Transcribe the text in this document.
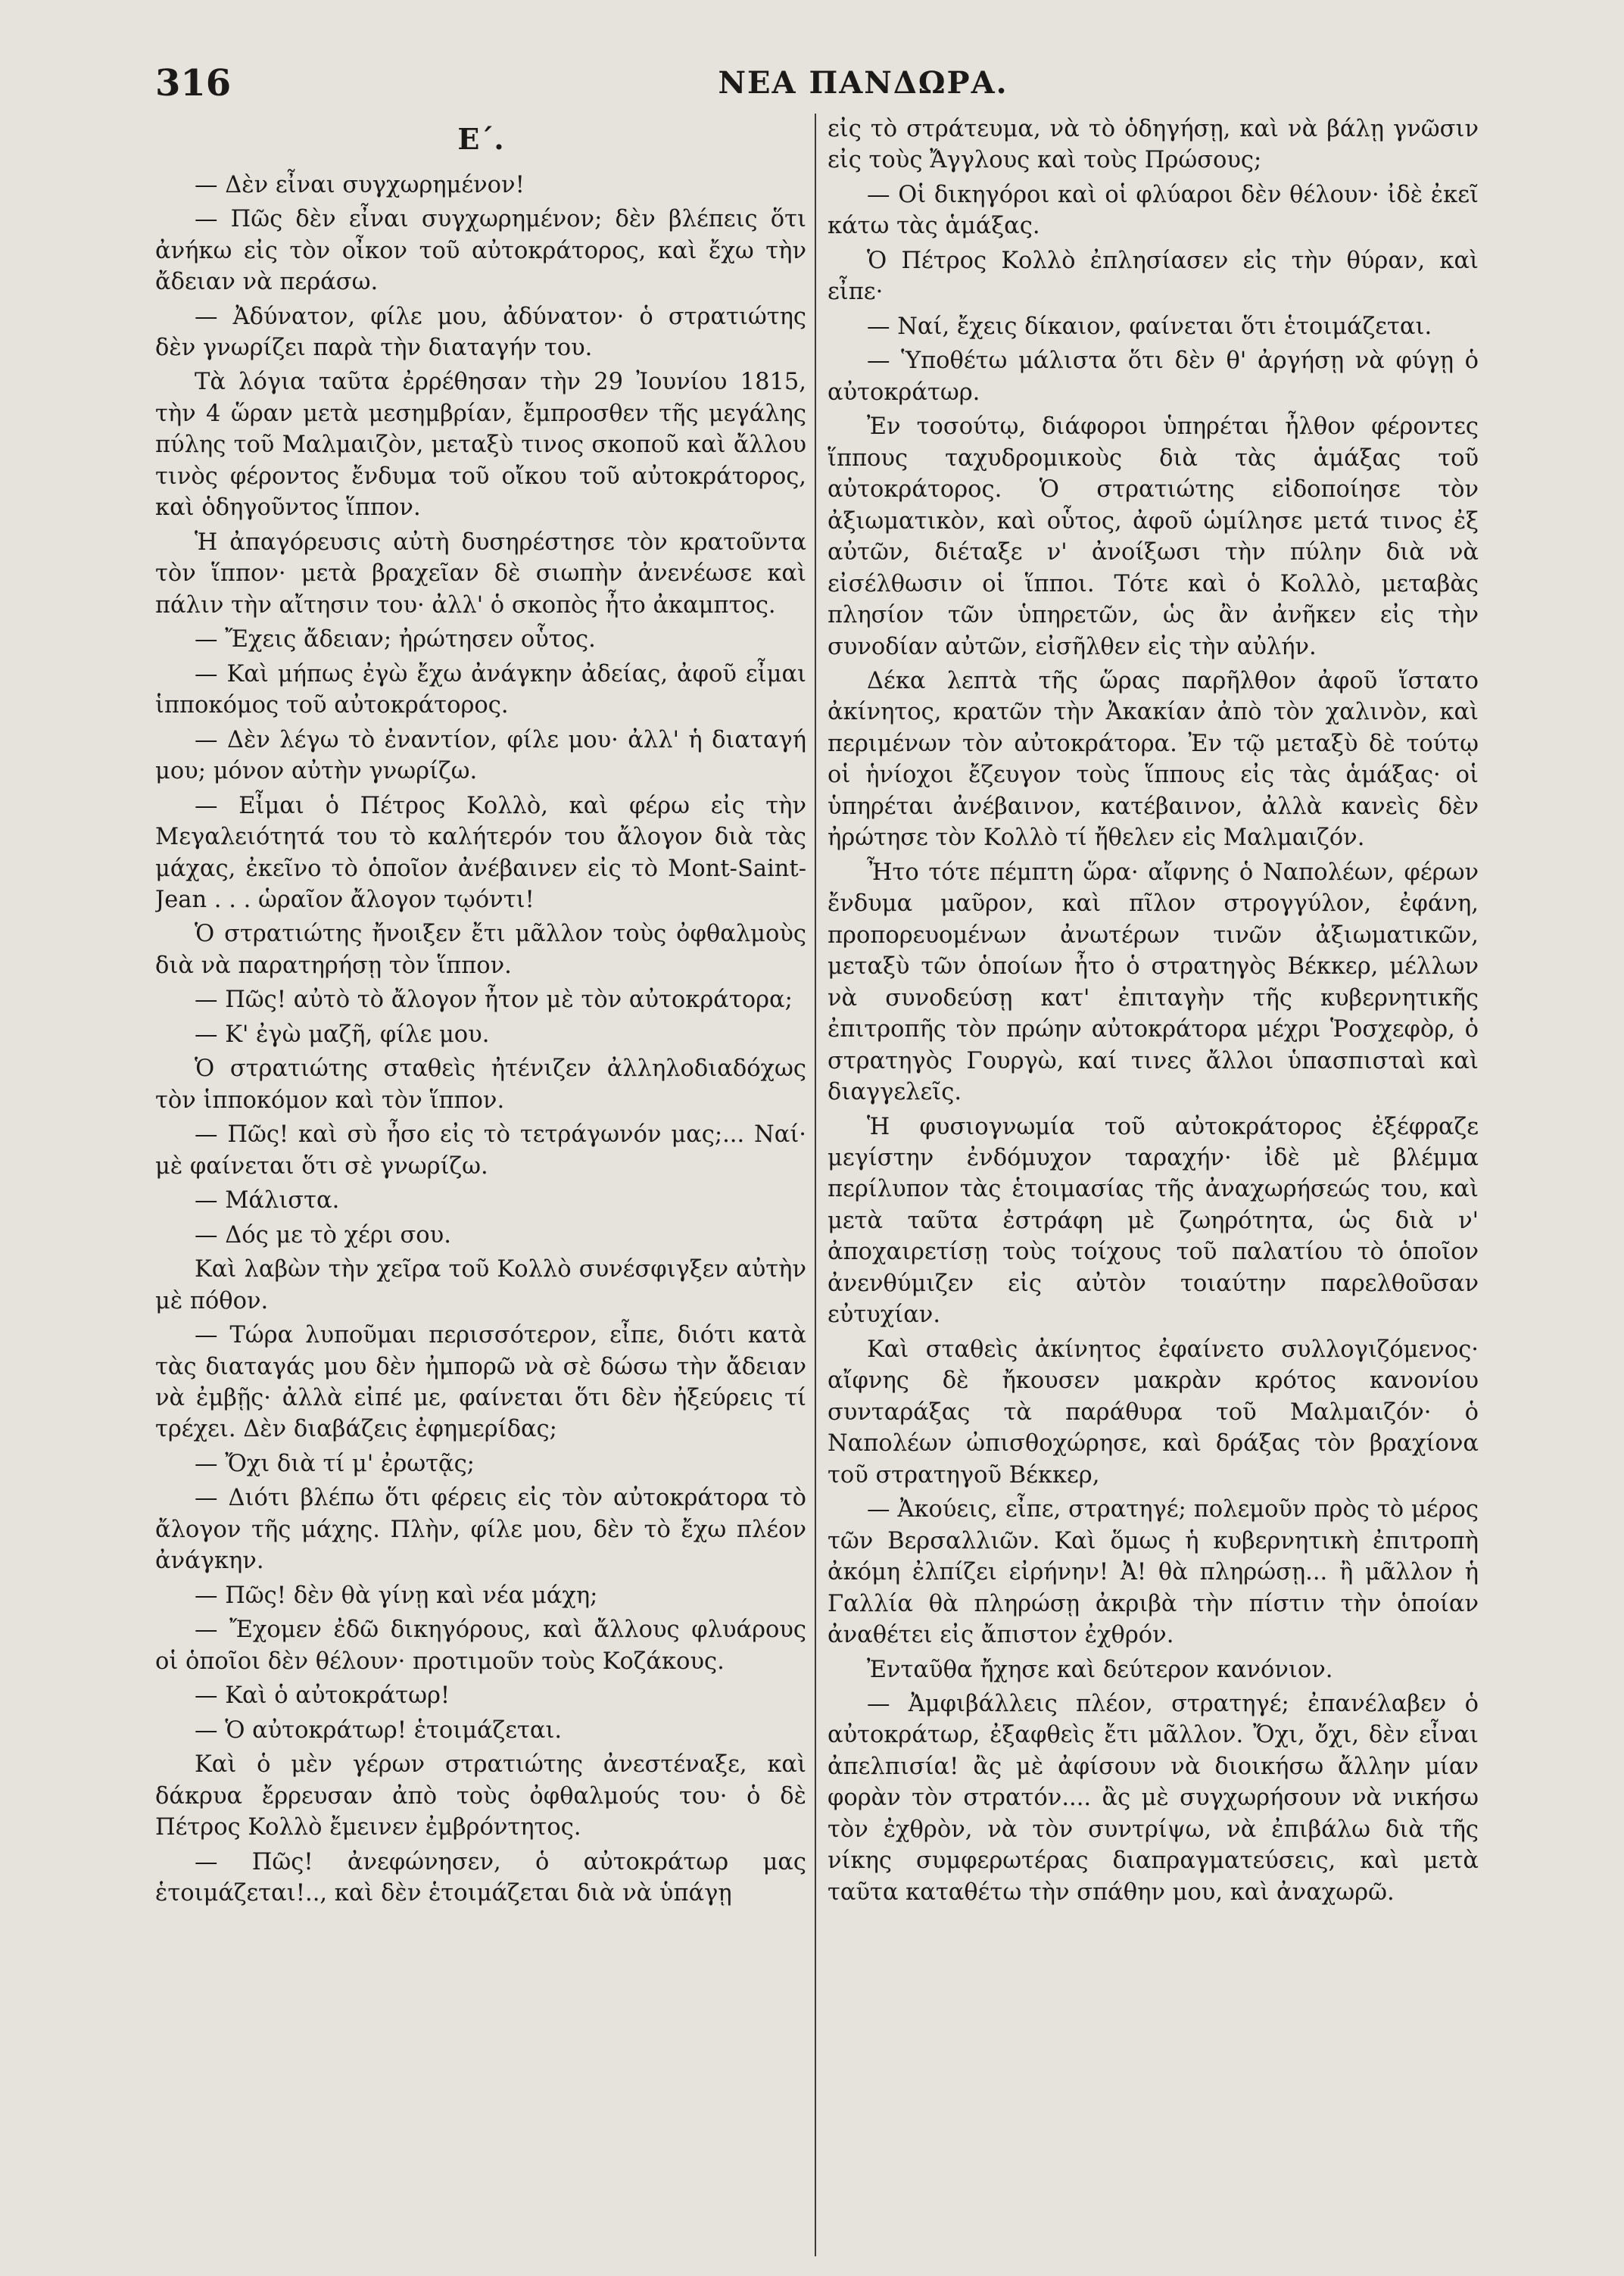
316	ΝΕΑ ΠΑΝΔΩΡΑ.
Ε΄.

— Δὲν εἶναι συγχωρημένον!

— Πῶς δὲν εἶναι συγχωρημένον; δὲν βλέπεις ὅτι ἀνήκω εἰς τὸν οἶκον τοῦ αὐτοκράτορος, καὶ ἔχω τὴν ἄδειαν νὰ περάσω.

— Ἀδύνατον, φίλε μου, ἀδύνατον· ὁ στρατιώτης δὲν γνωρίζει παρὰ τὴν διαταγήν του.

Τὰ λόγια ταῦτα ἐρρέθησαν τὴν 29 Ἰουνίου 1815, τὴν 4 ὥραν μετὰ μεσημβρίαν, ἔμπροσθεν τῆς μεγάλης πύλης τοῦ Μαλμαιζὸν, μεταξὺ τινος σκοποῦ καὶ ἄλλου τινὸς φέροντος ἔνδυμα τοῦ οἴκου τοῦ αὐτοκράτορος, καὶ ὁδηγοῦντος ἵππον.

Ἡ ἀπαγόρευσις αὐτὴ δυσηρέστησε τὸν κρατοῦντα τὸν ἵππον· μετὰ βραχεῖαν δὲ σιωπὴν ἀνενέωσε καὶ πάλιν τὴν αἴτησιν του· ἀλλ' ὁ σκοπὸς ἦτο ἀκαμπτος.

— Ἔχεις ἄδειαν; ἠρώτησεν οὗτος.

— Καὶ μήπως ἐγὼ ἔχω ἀνάγκην ἀδείας, ἀφοῦ εἶμαι ἱπποκόμος τοῦ αὐτοκράτορος.

— Δὲν λέγω τὸ ἐναντίον, φίλε μου· ἀλλ' ἡ διαταγή μου; μόνον αὐτὴν γνωρίζω.

— Εἶμαι ὁ Πέτρος Κολλὸ, καὶ φέρω εἰς τὴν Μεγαλειότητά του τὸ καλήτερόν του ἄλογον διὰ τὰς μάχας, ἐκεῖνο τὸ ὁποῖον ἀνέβαινεν εἰς τὸ Mont-Saint-Jean . . . ὡραῖον ἄλογον τῳόντι!

Ὁ στρατιώτης ἤνοιξεν ἔτι μᾶλλον τοὺς ὀφθαλμοὺς διὰ νὰ παρατηρήσῃ τὸν ἵππον.

— Πῶς! αὐτὸ τὸ ἄλογον ἦτον μὲ τὸν αὐτοκράτορα;

— Κ' ἐγὼ μαζῆ, φίλε μου.

Ὁ στρατιώτης σταθεὶς ἠτένιζεν ἀλληλοδιαδόχως τὸν ἱπποκόμον καὶ τὸν ἵππον.

— Πῶς! καὶ σὺ ἦσο εἰς τὸ τετράγωνόν μας;... Ναί· μὲ φαίνεται ὅτι σὲ γνωρίζω.

— Μάλιστα.

— Δός με τὸ χέρι σου.

Καὶ λαβὼν τὴν χεῖρα τοῦ Κολλὸ συνέσφιγξεν αὐτὴν μὲ πόθον.

— Τώρα λυποῦμαι περισσότερον, εἶπε, διότι κατὰ τὰς διαταγάς μου δὲν ἠμπορῶ νὰ σὲ δώσω τὴν ἄδειαν νὰ ἐμβῇς· ἀλλὰ εἰπέ με, φαίνεται ὅτι δὲν ἠξεύρεις τί τρέχει. Δὲν διαβάζεις ἐφημερίδας;

— Ὄχι διὰ τί μ' ἐρωτᾷς;

— Διότι βλέπω ὅτι φέρεις εἰς τὸν αὐτοκράτορα τὸ ἄλογον τῆς μάχης. Πλὴν, φίλε μου, δὲν τὸ ἔχω πλέον ἀνάγκην.

— Πῶς! δὲν θὰ γίνῃ καὶ νέα μάχη;

— Ἔχομεν ἐδῶ δικηγόρους, καὶ ἄλλους φλυάρους οἱ ὁποῖοι δὲν θέλουν· προτιμοῦν τοὺς Κοζάκους.

— Καὶ ὁ αὐτοκράτωρ!

— Ὁ αὐτοκράτωρ! ἑτοιμάζεται.

Καὶ ὁ μὲν γέρων στρατιώτης ἀνεστέναξε, καὶ δάκρυα ἔρρευσαν ἀπὸ τοὺς ὀφθαλμούς του· ὁ δὲ Πέτρος Κολλὸ ἔμεινεν ἐμβρόντητος.

— Πῶς! ἀνεφώνησεν, ὁ αὐτοκράτωρ μας ἑτοιμάζεται!.., καὶ δὲν ἑτοιμάζεται διὰ νὰ ὑπάγῃ

εἰς τὸ στράτευμα, νὰ τὸ ὁδηγήσῃ, καὶ νὰ βάλῃ γνῶσιν εἰς τοὺς Ἄγγλους καὶ τοὺς Πρώσους;

— Οἱ δικηγόροι καὶ οἱ φλύαροι δὲν θέλουν· ἰδὲ ἐκεῖ κάτω τὰς ἁμάξας.

Ὁ Πέτρος Κολλὸ ἐπλησίασεν εἰς τὴν θύραν, καὶ εἶπε·

— Ναί, ἔχεις δίκαιον, φαίνεται ὅτι ἑτοιμάζεται.

— Ὑποθέτω μάλιστα ὅτι δὲν θ' ἀργήσῃ νὰ φύγῃ ὁ αὐτοκράτωρ.

Ἐν τοσούτῳ, διάφοροι ὑπηρέται ἦλθον φέροντες ἵππους ταχυδρομικοὺς διὰ τὰς ἁμάξας τοῦ αὐτοκράτορος. Ὁ στρατιώτης εἰδοποίησε τὸν ἀξιωματικὸν, καὶ οὗτος, ἀφοῦ ὡμίλησε μετά τινος ἐξ αὐτῶν, διέταξε ν' ἀνοίξωσι τὴν πύλην διὰ νὰ εἰσέλθωσιν οἱ ἵπποι. Τότε καὶ ὁ Κολλὸ, μεταβὰς πλησίον τῶν ὑπηρετῶν, ὡς ἂν ἀνῆκεν εἰς τὴν συνοδίαν αὐτῶν, εἰσῆλθεν εἰς τὴν αὐλήν.

Δέκα λεπτὰ τῆς ὥρας παρῆλθον ἀφοῦ ἵστατο ἀκίνητος, κρατῶν τὴν Ἀκακίαν ἀπὸ τὸν χαλινὸν, καὶ περιμένων τὸν αὐτοκράτορα. Ἐν τῷ μεταξὺ δὲ τούτῳ οἱ ἡνίοχοι ἔζευγον τοὺς ἵππους εἰς τὰς ἁμάξας· οἱ ὑπηρέται ἀνέβαινον, κατέβαινον, ἀλλὰ κανεὶς δὲν ἠρώτησε τὸν Κολλὸ τί ἤθελεν εἰς Μαλμαιζόν.

Ἦτο τότε πέμπτη ὥρα· αἴφνης ὁ Ναπολέων, φέρων ἔνδυμα μαῦρον, καὶ πῖλον στρογγύλον, ἐφάνη, προπορευομένων ἀνωτέρων τινῶν ἀξιωματικῶν, μεταξὺ τῶν ὁποίων ἦτο ὁ στρατηγὸς Βέκκερ, μέλλων νὰ συνοδεύσῃ κατ' ἐπιταγὴν τῆς κυβερνητικῆς ἐπιτροπῆς τὸν πρώην αὐτοκράτορα μέχρι Ῥοσχεφὸρ, ὁ στρατηγὸς Γουργὼ, καί τινες ἄλλοι ὑπασπισταὶ καὶ διαγγελεῖς.

Ἡ φυσιογνωμία τοῦ αὐτοκράτορος ἐξέφραζε μεγίστην ἐνδόμυχον ταραχήν· ἰδὲ μὲ βλέμμα περίλυπον τὰς ἑτοιμασίας τῆς ἀναχωρήσεώς του, καὶ μετὰ ταῦτα ἐστράφη μὲ ζωηρότητα, ὡς διὰ ν' ἀποχαιρετίσῃ τοὺς τοίχους τοῦ παλατίου τὸ ὁποῖον ἀνενθύμιζεν εἰς αὐτὸν τοιαύτην παρελθοῦσαν εὐτυχίαν.

Καὶ σταθεὶς ἀκίνητος ἐφαίνετο συλλογιζόμενος· αἴφνης δὲ ἤκουσεν μακρὰν κρότος κανονίου συνταράξας τὰ παράθυρα τοῦ Μαλμαιζόν· ὁ Ναπολέων ὠπισθοχώρησε, καὶ δράξας τὸν βραχίονα τοῦ στρατηγοῦ Βέκκερ,

— Ἀκούεις, εἶπε, στρατηγέ; πολεμοῦν πρὸς τὸ μέρος τῶν Βερσαλλιῶν. Καὶ ὅμως ἡ κυβερνητικὴ ἐπιτροπὴ ἀκόμη ἐλπίζει εἰρήνην! Ἀ! θὰ πληρώσῃ... ἢ μᾶλλον ἡ Γαλλία θὰ πληρώσῃ ἀκριβὰ τὴν πίστιν τὴν ὁποίαν ἀναθέτει εἰς ἄπιστον ἐχθρόν.

Ἐνταῦθα ἤχησε καὶ δεύτερον κανόνιον.

— Ἀμφιβάλλεις πλέον, στρατηγέ; ἐπανέλαβεν ὁ αὐτοκράτωρ, ἐξαφθεὶς ἔτι μᾶλλον. Ὄχι, ὄχι, δὲν εἶναι ἀπελπισία! ἂς μὲ ἀφίσουν νὰ διοικήσω ἄλλην μίαν φορὰν τὸν στρατόν.... ἂς μὲ συγχωρήσουν νὰ νικήσω τὸν ἐχθρὸν, νὰ τὸν συντρίψω, νὰ ἐπιβάλω διὰ τῆς νίκης συμφερωτέρας διαπραγματεύσεις, καὶ μετὰ ταῦτα καταθέτω τὴν σπάθην μου, καὶ ἀναχωρῶ.
